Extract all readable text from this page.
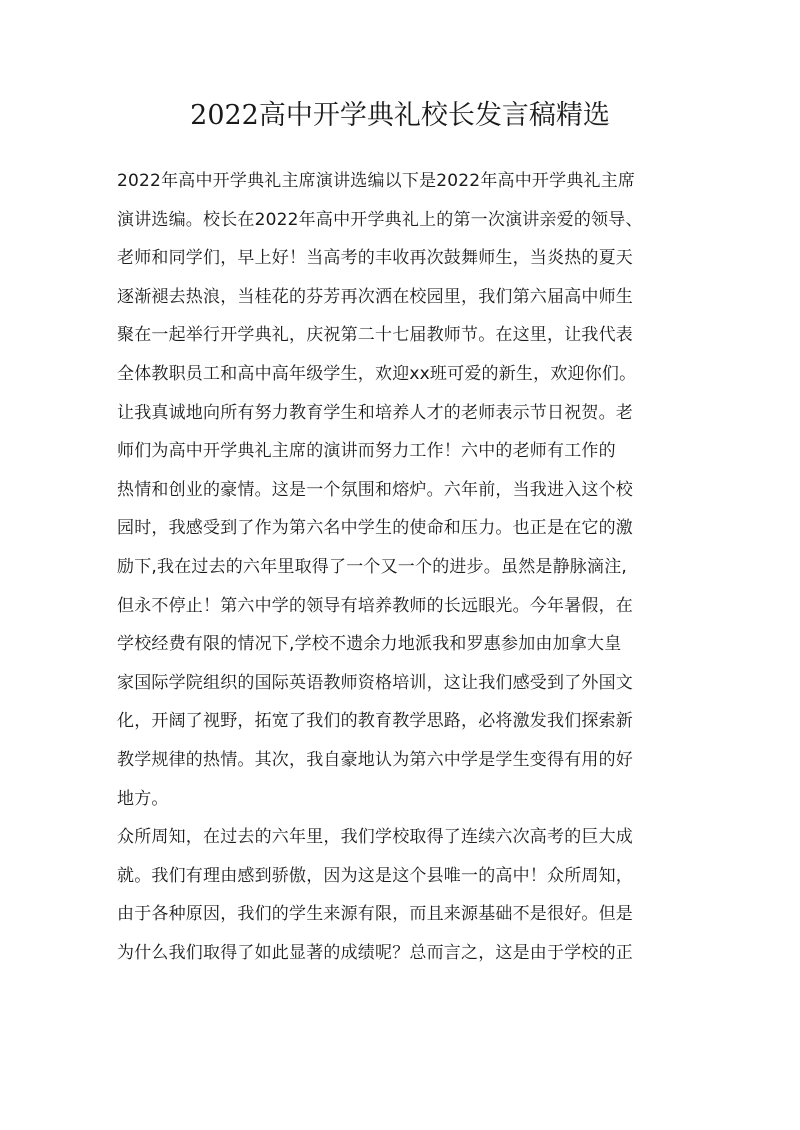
2022高中开学典礼校长发言稿精选
2022年高中开学典礼主席演讲选编以下是2022年高中开学典礼主席
演讲选编。校长在2022年高中开学典礼上的第一次演讲亲爱的领导、
老师和同学们，早上好！当高考的丰收再次鼓舞师生，当炎热的夏天
逐渐褪去热浪，当桂花的芬芳再次洒在校园里，我们第六届高中师生
聚在一起举行开学典礼，庆祝第二十七届教师节。在这里，让我代表
全体教职员工和高中高年级学生，欢迎xx班可爱的新生，欢迎你们。
让我真诚地向所有努力教育学生和培养人才的老师表示节日祝贺。老
师们为高中开学典礼主席的演讲而努力工作！六中的老师有工作的
热情和创业的豪情。这是一个氛围和熔炉。六年前，当我进入这个校
园时，我感受到了作为第六名中学生的使命和压力。也正是在它的激
励下,我在过去的六年里取得了一个又一个的进步。虽然是静脉滴注,
但永不停止！第六中学的领导有培养教师的长远眼光。今年暑假，在
学校经费有限的情况下,学校不遗余力地派我和罗惠参加由加拿大皇
家国际学院组织的国际英语教师资格培训，这让我们感受到了外国文
化，开阔了视野，拓宽了我们的教育教学思路，必将激发我们探索新
教学规律的热情。其次，我自豪地认为第六中学是学生变得有用的好
地方。
众所周知，在过去的六年里，我们学校取得了连续六次高考的巨大成
就。我们有理由感到骄傲，因为这是这个县唯一的高中！众所周知，
由于各种原因，我们的学生来源有限，而且来源基础不是很好。但是
为什么我们取得了如此显著的成绩呢？总而言之，这是由于学校的正
